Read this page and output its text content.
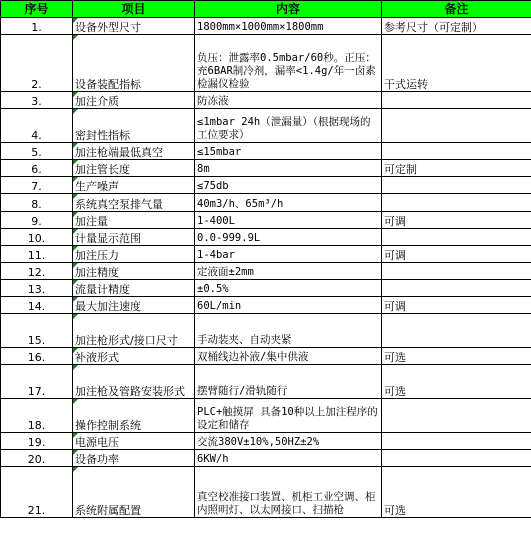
序号	项目	内容	备注
1.	设备外型尺寸	1800mm×1000mm×1800mm	参考尺寸（可定制）
2.	设备装配指标	负压：泄露率0.5mbar/60秒。正压：充6BAR制冷剂，漏率<1.4g/年一卤素检漏仪检验	干式运转
3.	加注介质	防冻液	
4.	密封性指标	≤1mbar 24h（泄漏量）（根据现场的工位要求）	
5.	加注枪端最低真空	≤15mbar	
6.	加注管长度	8m	可定制
7.	生产噪声	≤75db	
8.	系统真空泵排气量	40m3/h、65m³/h	
9.	加注量	1-400L	可调
10.	计量显示范围	0.0-999.9L	
11.	加注压力	1-4bar	可调
12.	加注精度	定液面±2mm	
13.	流量计精度	±0.5%	
14.	最大加注速度	60L/min	可调
15.	加注枪形式/接口尺寸	手动装夹、自动夹紧	
16.	补液形式	双桶线边补液/集中供液	可选
17.	加注枪及管路安装形式	摆臂随行/滑轨随行	可选
18.	操作控制系统	PLC+触摸屏 具备10种以上加注程序的设定和储存	
19.	电源电压	交流380V±10%,50HZ±2%	
20.	设备功率	6KW/h	
21.	系统附属配置	真空校准接口装置、机柜工业空调、柜内照明灯、以太网接口、扫描枪	可选
